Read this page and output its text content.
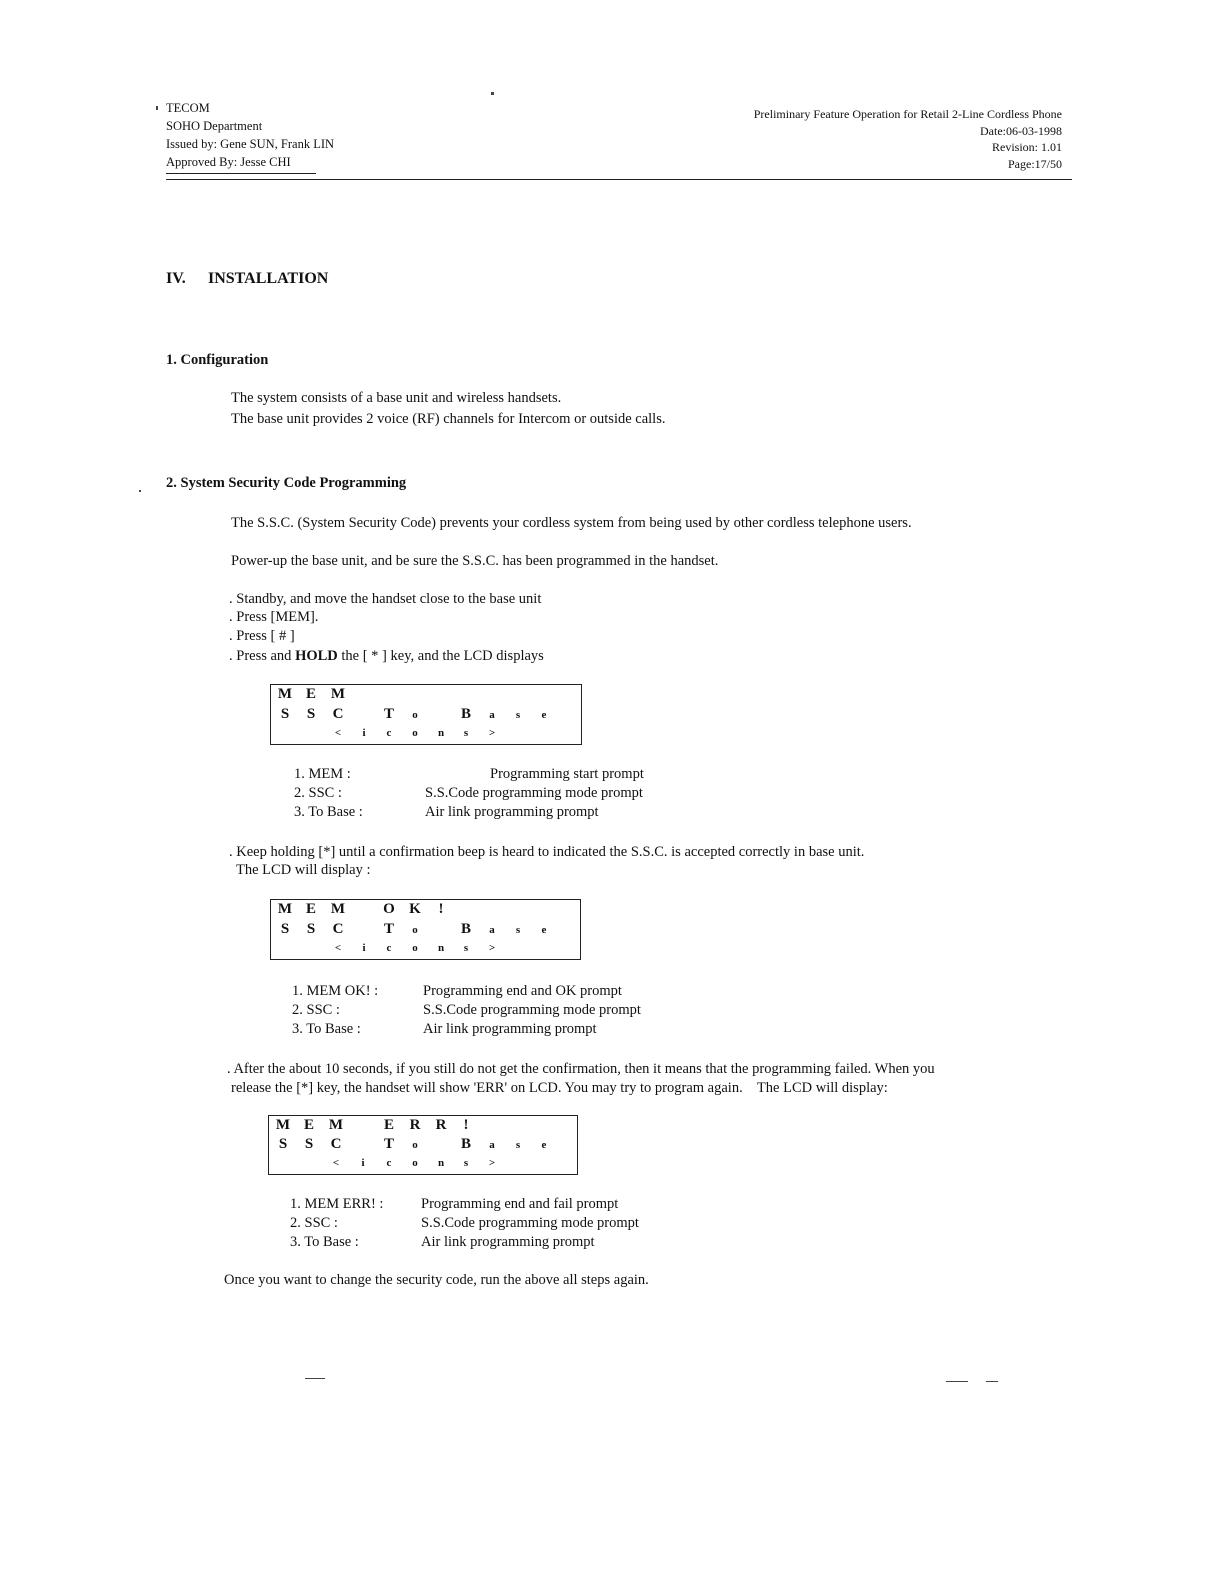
TECOM
SOHO Department
Issued by: Gene SUN, Frank LIN
Approved By: Jesse CHI
Preliminary Feature Operation for Retail 2-Line Cordless Phone
Date:06-03-1998
Revision: 1.01
Page:17/50
IV. INSTALLATION
1. Configuration
The system consists of a base unit and wireless handsets.
The base unit provides 2 voice (RF) channels for Intercom or outside calls.
2. System Security Code Programming
The S.S.C. (System Security Code) prevents your cordless system from being used by other cordless telephone users.
Power-up the base unit, and be sure the S.S.C. has been programmed in the handset.
. Standby, and move the handset close to the base unit
. Press [MEM].
. Press [ # ]
. Press and HOLD the [ * ] key, and the LCD displays
M E M
S S C	T	o	B	a	s	e
<	i	c	o	n	s	>
1. MEM :	Programming start prompt
2. SSC :	S.S.Code programming mode prompt
3. To Base :	Air link programming prompt
. Keep holding [*] until a confirmation beep is heard to indicated the S.S.C. is accepted correctly in base unit.
The LCD will display :
M E M	O K	!
S S C	T	o	B	a	s	e
<	i	c	o	n	s	>
1. MEM OK! :	Programming end and OK prompt
2. SSC :	S.S.Code programming mode prompt
3. To Base :	Air link programming prompt
. After the about 10 seconds, if you still do not get the confirmation, then it means that the programming failed. When you
release the [*] key, the handset will show 'ERR' on LCD. You may try to program again.    The LCD will display:
M E M	E R R	!
S S C	T	o	B	a	s	e
<	i	c	o	n	s	>
1. MEM ERR! :	Programming end and fail prompt
2. SSC :	S.S.Code programming mode prompt
3. To Base :	Air link programming prompt
Once you want to change the security code, run the above all steps again.
